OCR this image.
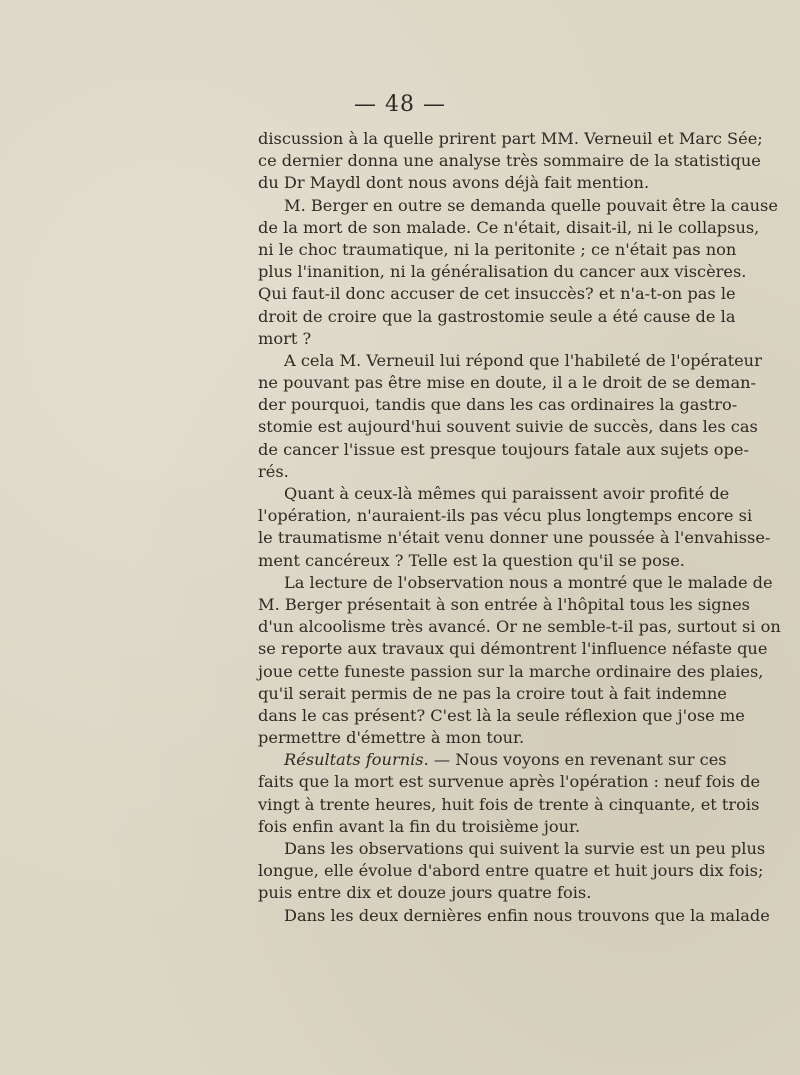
— 48 —
discussion à la quelle prirent part MM. Verneuil et Marc Sée;
ce dernier donna une analyse très sommaire de la statistique
du Dr Maydl dont nous avons déjà fait mention.
M. Berger en outre se demanda quelle pouvait être la cause
de la mort de son malade. Ce n'était, disait-il, ni le collapsus,
ni le choc traumatique, ni la peritonite ; ce n'était pas non
plus l'inanition, ni la généralisation du cancer aux viscères.
Qui faut-il donc accuser de cet insuccès? et n'a-t-on pas le
droit de croire que la gastrostomie seule a été cause de la
mort ?
A cela M. Verneuil lui répond que l'habileté de l'opérateur
ne pouvant pas être mise en doute, il a le droit de se deman-
der pourquoi, tandis que dans les cas ordinaires la gastro-
stomie est aujourd'hui souvent suivie de succès, dans les cas
de cancer l'issue est presque toujours fatale aux sujets ope-
rés.
Quant à ceux-là mêmes qui paraissent avoir profité de
l'opération, n'auraient-ils pas vécu plus longtemps encore si
le traumatisme n'était venu donner une poussée à l'envahisse-
ment cancéreux ? Telle est la question qu'il se pose.
La lecture de l'observation nous a montré que le malade de
M. Berger présentait à son entrée à l'hôpital tous les signes
d'un alcoolisme très avancé. Or ne semble-t-il pas, surtout si on
se reporte aux travaux qui démontrent l'influence néfaste que
joue cette funeste passion sur la marche ordinaire des plaies,
qu'il serait permis de ne pas la croire tout à fait indemne
dans le cas présent? C'est là la seule réflexion que j'ose me
permettre d'émettre à mon tour.
Résultats fournis. — Nous voyons en revenant sur ces
faits que la mort est survenue après l'opération : neuf fois de
vingt à trente heures, huit fois de trente à cinquante, et trois
fois enfin avant la fin du troisième jour.
Dans les observations qui suivent la survie est un peu plus
longue, elle évolue d'abord entre quatre et huit jours dix fois;
puis entre dix et douze jours quatre fois.
Dans les deux dernières enfin nous trouvons que la malade
